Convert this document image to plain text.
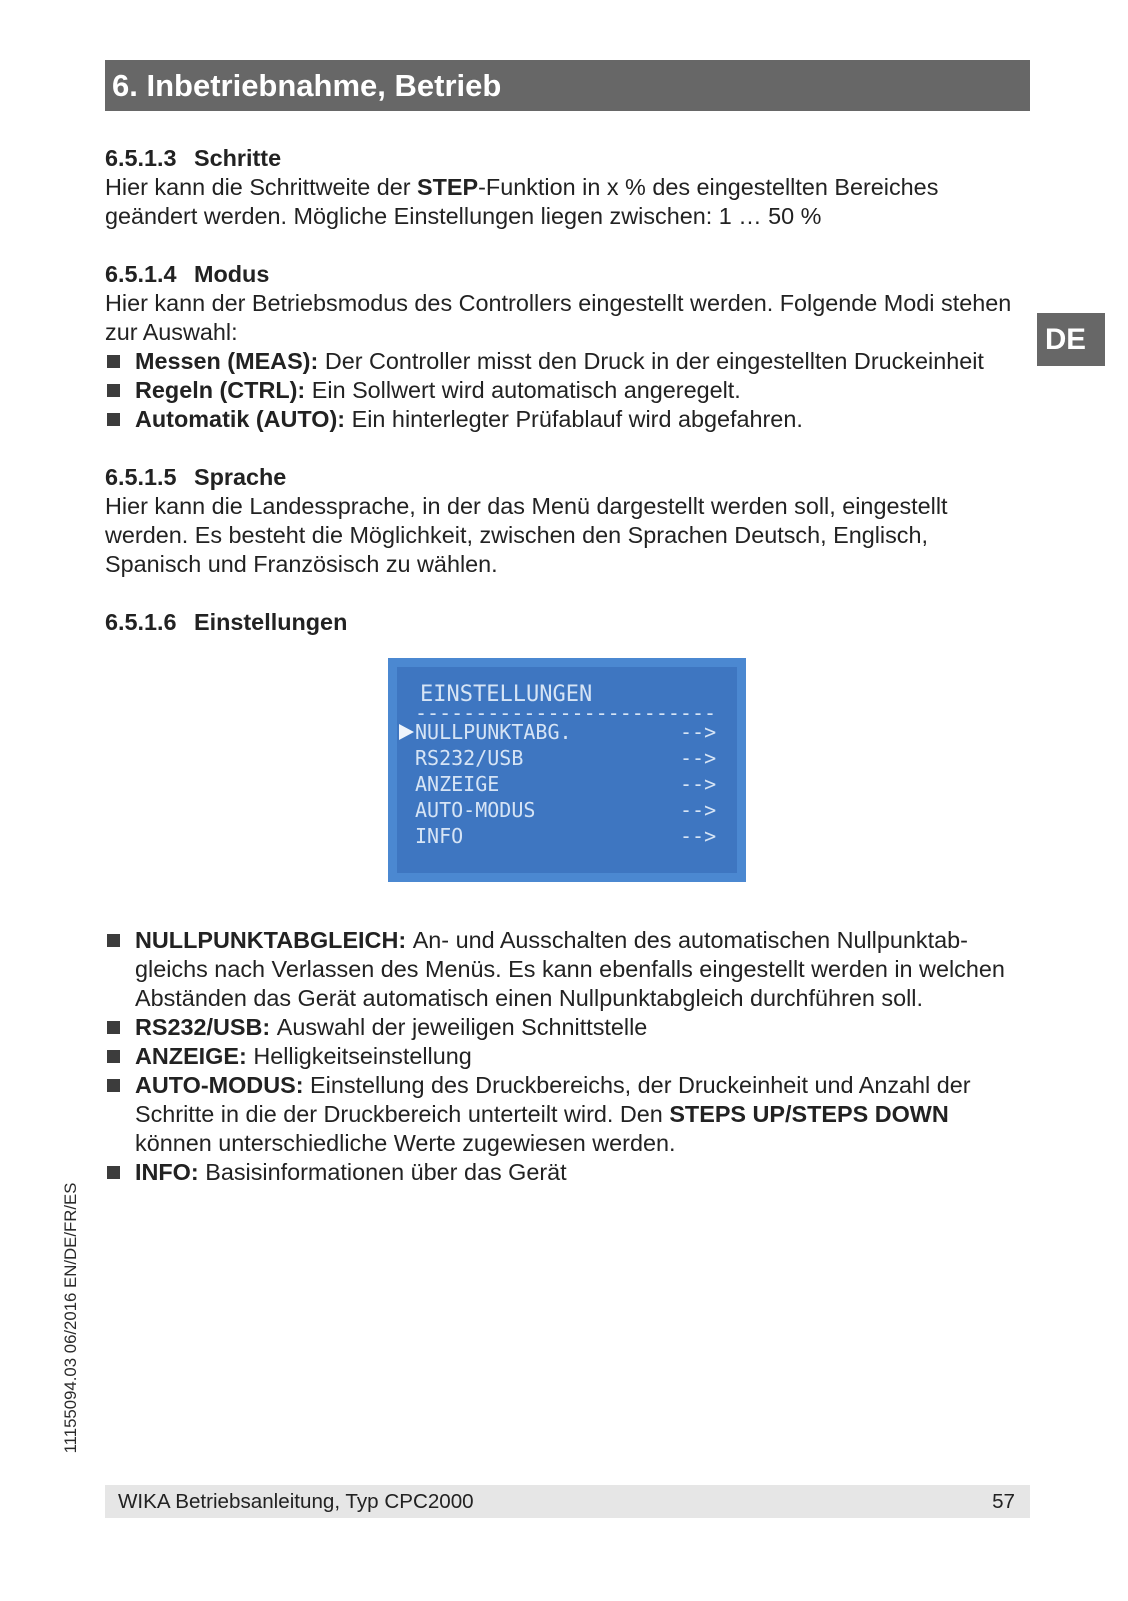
6. Inbetriebnahme, Betrieb
DE
6.5.1.3 Schritte
Hier kann die Schrittweite der STEP-Funktion in x % des eingestellten Bereiches
geändert werden. Mögliche Einstellungen liegen zwischen: 1 … 50 %
6.5.1.4 Modus
Hier kann der Betriebsmodus des Controllers eingestellt werden. Folgende Modi stehen
zur Auswahl:
Messen (MEAS): Der Controller misst den Druck in der eingestellten Druckeinheit
Regeln (CTRL): Ein Sollwert wird automatisch angeregelt.
Automatik (AUTO): Ein hinterlegter Prüfablauf wird abgefahren.
6.5.1.5 Sprache
Hier kann die Landessprache, in der das Menü dargestellt werden soll, eingestellt
werden. Es besteht die Möglichkeit, zwischen den Sprachen Deutsch, Englisch,
Spanisch und Französisch zu wählen.
6.5.1.6 Einstellungen
EINSTELLUNGEN
-------------------------
NULLPUNKTABG.	-->
RS232/USB	-->
ANZEIGE	-->
AUTO-MODUS	-->
INFO	-->
NULLPUNKTABGLEICH: An- und Ausschalten des automatischen Nullpunktab-
gleichs nach Verlassen des Menüs. Es kann ebenfalls eingestellt werden in welchen
Abständen das Gerät automatisch einen Nullpunktabgleich durchführen soll.
RS232/USB: Auswahl der jeweiligen Schnittstelle
ANZEIGE: Helligkeitseinstellung
AUTO-MODUS: Einstellung des Druckbereichs, der Druckeinheit und Anzahl der
Schritte in die der Druckbereich unterteilt wird. Den STEPS UP/STEPS DOWN
können unterschiedliche Werte zugewiesen werden.
INFO: Basisinformationen über das Gerät
11155094.03 06/2016 EN/DE/FR/ES
WIKA Betriebsanleitung, Typ CPC2000	57
